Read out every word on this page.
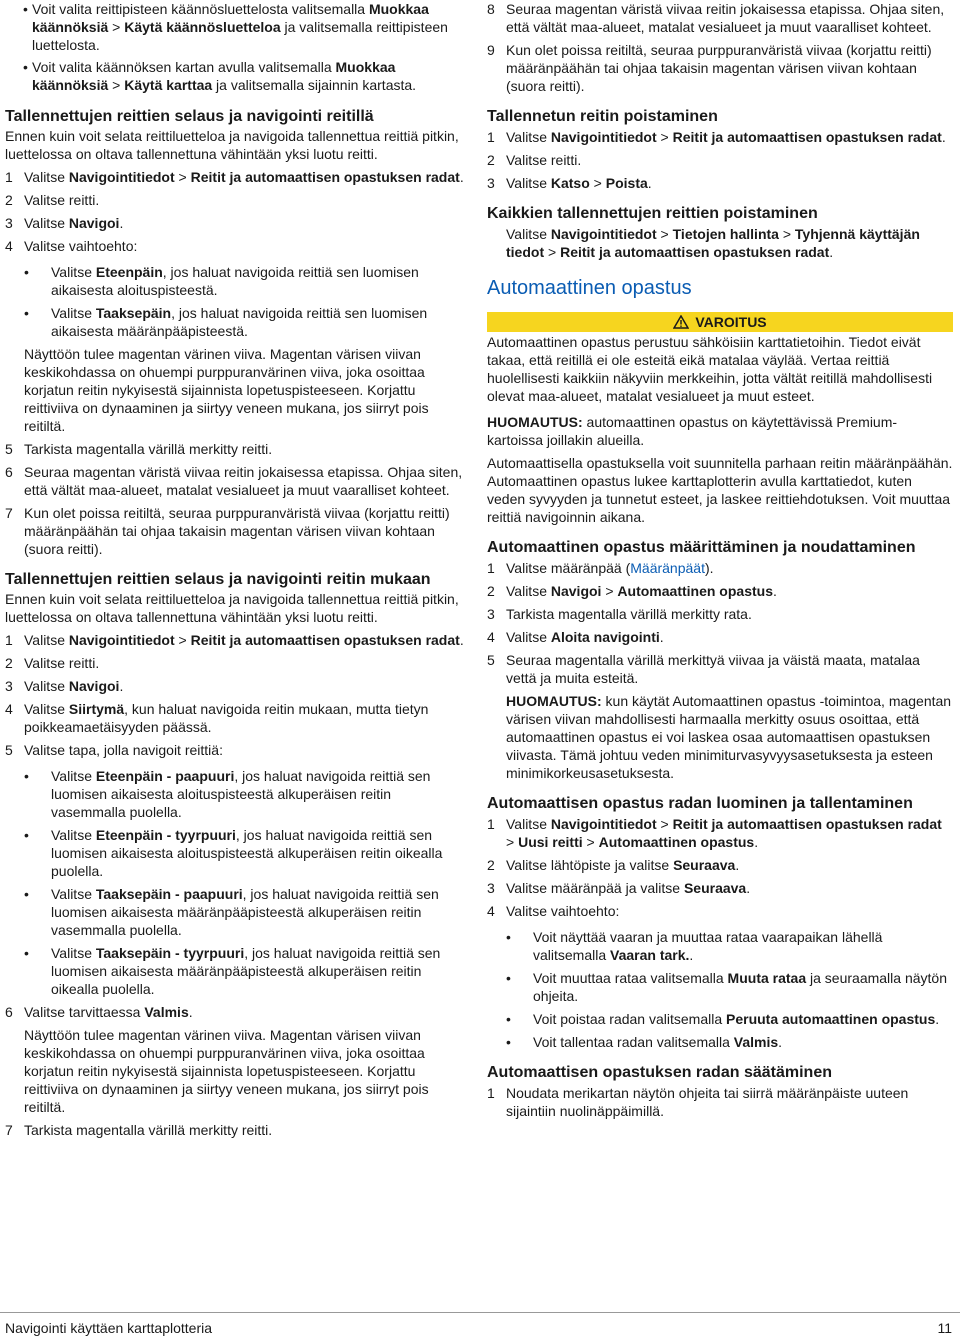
• Voit valita reittipisteen käännösluettelosta valitsemalla Muokkaa käännöksiä > Käytä käännösluetteloa ja valitsemalla reittipisteen luettelosta.
• Voit valita käännöksen kartan avulla valitsemalla Muokkaa käännöksiä > Käytä karttaa ja valitsemalla sijainnin kartasta.
Tallennettujen reittien selaus ja navigointi reitillä

Ennen kuin voit selata reittiluetteloa ja navigoida tallennettua reittiä pitkin, luettelossa on oltava tallennettuna vähintään yksi luotu reitti.

1 Valitse Navigointitiedot > Reitit ja automaattisen opastuksen radat.
2 Valitse reitti.
3 Valitse Navigoi.
4 Valitse vaihtoehto:
•	Valitse Eteenpäin, jos haluat navigoida reittiä sen luomisen aikaisesta aloituspisteestä.
•	Valitse Taaksepäin, jos haluat navigoida reittiä sen luomisen aikaisesta määränpääpisteestä.

Näyttöön tulee magentan värinen viiva. Magentan värisen viivan keskikohdassa on ohuempi purppuranvärinen viiva, joka osoittaa korjatun reitin nykyisestä sijainnista lopetuspisteeseen. Korjattu reittiviiva on dynaaminen ja siirtyy veneen mukana, jos siirryt pois reitiltä.

5 Tarkista magentalla värillä merkitty reitti.
6 Seuraa magentan väristä viivaa reitin jokaisessa etapissa. Ohjaa siten, että vältät maa-alueet, matalat vesialueet ja muut vaaralliset kohteet.
7 Kun olet poissa reitiltä, seuraa purppuranväristä viivaa (korjattu reitti) määränpäähän tai ohjaa takaisin magentan värisen viivan kohtaan (suora reitti).
Tallennettujen reittien selaus ja navigointi reitin mukaan

Ennen kuin voit selata reittiluetteloa ja navigoida tallennettua reittiä pitkin, luettelossa on oltava tallennettuna vähintään yksi luotu reitti.

1 Valitse Navigointitiedot > Reitit ja automaattisen opastuksen radat.
2 Valitse reitti.
3 Valitse Navigoi.
4 Valitse Siirtymä, kun haluat navigoida reitin mukaan, mutta tietyn poikkeamaetäisyyden päässä.
5 Valitse tapa, jolla navigoit reittiä:
•	Valitse Eteenpäin - paapuuri, jos haluat navigoida reittiä sen luomisen aikaisesta aloituspisteestä alkuperäisen reitin vasemmalla puolella.
•	Valitse Eteenpäin - tyyrpuuri, jos haluat navigoida reittiä sen luomisen aikaisesta aloituspisteestä alkuperäisen reitin oikealla puolella.
•	Valitse Taaksepäin - paapuuri, jos haluat navigoida reittiä sen luomisen aikaisesta määränpääpisteestä alkuperäisen reitin vasemmalla puolella.
•	Valitse Taaksepäin - tyyrpuuri, jos haluat navigoida reittiä sen luomisen aikaisesta määränpääpisteestä alkuperäisen reitin oikealla puolella.
6 Valitse tarvittaessa Valmis.

Näyttöön tulee magentan värinen viiva. Magentan värisen viivan keskikohdassa on ohuempi purppuranvärinen viiva, joka osoittaa korjatun reitin nykyisestä sijainnista lopetuspisteeseen. Korjattu reittiviiva on dynaaminen ja siirtyy veneen mukana, jos siirryt pois reitiltä.

7 Tarkista magentalla värillä merkitty reitti.
8 Seuraa magentan väristä viivaa reitin jokaisessa etapissa. Ohjaa siten, että vältät maa-alueet, matalat vesialueet ja muut vaaralliset kohteet.
9 Kun olet poissa reitiltä, seuraa purppuranväristä viivaa (korjattu reitti) määränpäähän tai ohjaa takaisin magentan värisen viivan kohtaan (suora reitti).
Tallennetun reitin poistaminen
1 Valitse Navigointitiedot > Reitit ja automaattisen opastuksen radat.
2 Valitse reitti.
3 Valitse Katso > Poista.
Kaikkien tallennettujen reittien poistaminen

Valitse Navigointitiedot > Tietojen hallinta > Tyhjennä käyttäjän tiedot > Reitit ja automaattisen opastuksen radat.

Automaattinen opastus
VAROITUS

Automaattinen opastus perustuu sähköisiin karttatietoihin. Tiedot eivät takaa, että reitillä ei ole esteitä eikä matalaa väylää. Vertaa reittiä huolellisesti kaikkiin näkyviin merkkeihin, jotta vältät reitillä mahdollisesti olevat maa-alueet, matalat vesialueet ja muut esteet.

HUOMAUTUS: automaattinen opastus on käytettävissä Premium-kartoissa joillakin alueilla.

Automaattisella opastuksella voit suunnitella parhaan reitin määränpäähän. Automaattinen opastus lukee karttaplotterin avulla karttatiedot, kuten veden syvyyden ja tunnetut esteet, ja laskee reittiehdotuksen. Voit muuttaa reittiä navigoinnin aikana.

Automaattinen opastus määrittäminen ja noudattaminen
1 Valitse määränpää (Määränpäät).
2 Valitse Navigoi > Automaattinen opastus.
3 Tarkista magentalla värillä merkitty rata.
4 Valitse Aloita navigointi.
5 Seuraa magentalla värillä merkittyä viivaa ja väistä maata, matalaa vettä ja muita esteitä.

HUOMAUTUS: kun käytät Automaattinen opastus -toimintoa, magentan värisen viivan mahdollisesti harmaalla merkitty osuus osoittaa, että automaattinen opastus ei voi laskea osaa automaattisen opastuksen viivasta. Tämä johtuu veden minimiturvasyvyysasetuksesta ja esteen minimikorkeusasetuksesta.

Automaattisen opastus radan luominen ja tallentaminen
1 Valitse Navigointitiedot > Reitit ja automaattisen opastuksen radat > Uusi reitti > Automaattinen opastus.
2 Valitse lähtöpiste ja valitse Seuraava.
3 Valitse määränpää ja valitse Seuraava.
4 Valitse vaihtoehto:
•	Voit näyttää vaaran ja muuttaa rataa vaarapaikan lähellä valitsemalla Vaaran tark..
•	Voit muuttaa rataa valitsemalla Muuta rataa ja seuraamalla näytön ohjeita.
•	Voit poistaa radan valitsemalla Peruuta automaattinen opastus.
•	Voit tallentaa radan valitsemalla Valmis.
Automaattisen opastuksen radan säätäminen
1 Noudata merikartan näytön ohjeita tai siirrä määränpäiste uuteen sijaintiin nuolinäppäimillä.
Navigointi käyttäen karttaplotteria	11
